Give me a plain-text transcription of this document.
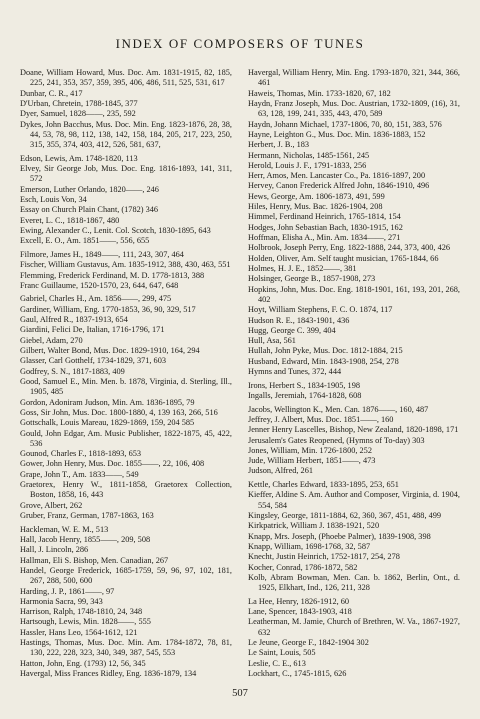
INDEX OF COMPOSERS OF TUNES

Doane, William Howard, Mus. Doc. Am. 1831-1915, 82, 185, 225, 241, 353, 357, 359, 395, 406, 486, 511, 525, 531, 617

Dunbar, C. R., 417

D'Urban, Chretein, 1788-1845, 377

Dyer, Samuel, 1828——, 235, 592

Dykes, John Bacchus, Mus. Doc. Min. Eng. 1823-1876, 28, 38, 44, 53, 78, 98, 112, 138, 142, 158, 184, 205, 217, 223, 250, 315, 355, 374, 403, 412, 526, 581, 637,

Edson, Lewis, Am. 1748-1820, 113

Elvey, Sir George Job, Mus. Doc. Eng. 1816-1893, 141, 311, 572

Emerson, Luther Orlando, 1820——, 246

Esch, Louis Von, 34

Essay on Church Plain Chant, (1782) 346

Everet, L. C., 1818-1867, 480

Ewing, Alexander C., Lenit. Col. Scotch, 1830-1895, 643

Excell, E. O., Am. 1851——, 556, 655

Filmore, James H., 1849——, 111, 243, 307, 464

Fischer, William Gustavus, Am. 1835-1912, 388, 430, 463, 551

Flemming, Frederick Ferdinand, M. D. 1778-1813, 388

Franc Guillaume, 1520-1570, 23, 644, 647, 648

Gabriel, Charles H., Am. 1856——, 299, 475

Gardiner, William, Eng. 1770-1853, 36, 90, 329, 517

Gaul, Alfred R., 1837-1913, 654

Giardini, Felici De, Italian, 1716-1796, 171

Giebel, Adam, 270

Gilbert, Walter Bond, Mus. Doc. 1829-1910, 164, 294

Glasser, Carl Gotthelf, 1734-1829, 371, 603

Godfrey, S. N., 1817-1883, 409

Good, Samuel E., Min. Men. b. 1878, Virginia, d. Sterling, Ill., 1905, 485

Gordon, Adoniram Judson, Min. Am. 1836-1895, 79

Goss, Sir John, Mus. Doc. 1800-1880, 4, 139 163, 266, 516

Gottschalk, Louis Mareau, 1829-1869, 159, 204 585

Gould, John Edgar, Am. Music Publisher, 1822-1875, 45, 422, 536

Gounod, Charles F., 1818-1893, 653

Gower, John Henry, Mus. Doc. 1855——, 22, 106, 408

Grape, John T., Am. 1833——, 549

Graetorex, Henry W., 1811-1858, Graetorex Collection, Boston, 1858, 16, 443

Grove, Albert, 262

Gruber, Franz, German, 1787-1863, 163

Hackleman, W. E. M., 513

Hall, Jacob Henry, 1855——, 209, 508

Hall, J. Lincoln, 286

Hallman, Eli S. Bishop, Men. Canadian, 267

Handel, George Frederick, 1685-1759, 59, 96, 97, 102, 181, 267, 288, 500, 600

Harding, J. P., 1861——, 97

Harmonia Sacra, 99, 343

Harrison, Ralph, 1748-1810, 24, 348

Hartsough, Lewis, Min. 1828——, 555

Hassler, Hans Leo, 1564-1612, 121

Hastings, Thomas, Mus. Doc. Min. Am. 1784-1872, 78, 81, 130, 222, 228, 323, 340, 349, 387, 545, 553

Hatton, John, Eng. (1793) 12, 56, 345

Havergal, Miss Frances Ridley, Eng. 1836-1879, 134

Havergal, William Henry, Min. Eng. 1793-1870, 321, 344, 366, 461

Haweis, Thomas, Min. 1733-1820, 67, 182

Haydn, Franz Joseph, Mus. Doc. Austrian, 1732-1809, (16), 31, 63, 128, 199, 241, 335, 443, 470, 589

Haydn, Johann Michael, 1737-1806, 70, 80, 151, 383, 576

Hayne, Leighton G., Mus. Doc. Min. 1836-1883, 152

Herbert, J. B., 183

Hermann, Nicholas, 1485-1561, 245

Herold, Louis J. F., 1791-1833, 256

Herr, Amos, Men. Lancaster Co., Pa. 1816-1897, 200

Hervey, Canon Frederick Alfred John, 1846-1910, 496

Hews, George, Am. 1806-1873, 491, 599

Hiles, Henry, Mus. Bac. 1826-1904, 208

Himmel, Ferdinand Heinrich, 1765-1814, 154

Hodges, John Sebastian Bach, 1830-1915, 162

Hoffman, Elisha A., Min. Am. 1834——, 271

Holbrook, Joseph Perry, Eng. 1822-1888, 244, 373, 400, 426

Holden, Oliver, Am. Self taught musician, 1765-1844, 66

Holmes, H. J. E., 1852——, 381

Holsinger, George B., 1857-1908, 273

Hopkins, John, Mus. Doc. Eng. 1818-1901, 161, 193, 201, 268, 402

Hoyt, William Stephens, F. C. O. 1874, 117

Hudson R. E., 1843-1901, 436

Hugg, George C. 399, 404

Hull, Asa, 561

Hullah, John Pyke, Mus. Doc. 1812-1884, 215

Husband, Edward, Min. 1843-1908, 254, 278

Hymns and Tunes, 372, 444

Irons, Herbert S., 1834-1905, 198

Ingalls, Jeremiah, 1764-1828, 608

Jacobs, Wellington K., Men. Can. 1876——, 160, 487

Jeffrey, J. Albert, Mus. Doc. 1851——, 160

Jenner Henry Lascelles, Bishop, New Zealand, 1820-1898, 171

Jerusalem's Gates Reopened, (Hymns of To-day) 303

Jones, William, Min. 1726-1800, 252

Jude, William Herbert, 1851——, 473

Judson, Alfred, 261

Kettle, Charles Edward, 1833-1895, 253, 651

Kieffer, Aldine S. Am. Author and Composer, Virginia, d. 1904, 554, 584

Kingsley, George, 1811-1884, 62, 360, 367, 451, 488, 499

Kirkpatrick, William J. 1838-1921, 520

Knapp, Mrs. Joseph, (Phoebe Palmer), 1839-1908, 398

Knapp, William, 1698-1768, 32, 587

Knecht, Justin Heinrich, 1752-1817, 254, 278

Kocher, Conrad, 1786-1872, 582

Kolb, Abram Bowman, Men. Can. b. 1862, Berlin, Ont., d. 1925, Elkhart, Ind., 126, 211, 328

La Hee, Henry, 1826-1912, 60

Lane, Spencer, 1843-1903, 418

Leatherman, M. Jamie, Church of Brethren, W. Va., 1867-1927, 632

Le Jeune, George F., 1842-1904 302

Le Saint, Louis, 505

Leslie, C. E., 613

Lockhart, C., 1745-1815, 626

507
